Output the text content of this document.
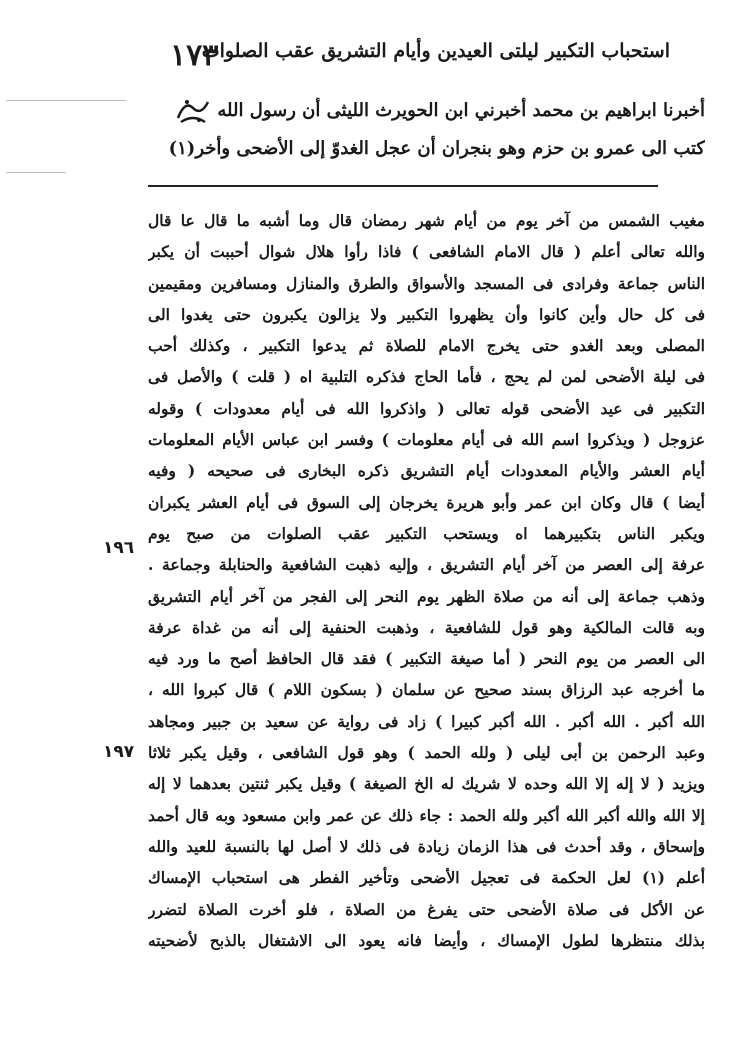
١٧٣
استحباب التكبير ليلتى العيدين وأيام التشريق عقب الصلوات
أخبرنا ابراهيم بن محمد أخبرني ابن الحويرث الليثى أن رسول الله
كتب الى عمرو بن حزم وهو بنجران أن عجل الغدوّ إلى الأضحى وأخر(١)
مغيب الشمس من آخر يوم من أيام شهر رمضان قال وما أشبه ما قال عا قال
والله تعالى أعلم ( قال الامام الشافعى ) فاذا رأوا هلال شوال أحببت أن يكبر
الناس جماعة وفرادى فى المسجد والأسواق والطرق والمنازل ومسافرين ومقيمين
فى كل حال وأين كانوا وأن يظهروا التكبير ولا يزالون يكبرون حتى يغدوا الى
المصلى وبعد الغدو حتى يخرج الامام للصلاة ثم يدعوا التكبير ، وكذلك أحب
فى ليلة الأضحى لمن لم يحج ، فأما الحاج فذكره التلبية اه ( قلت ) والأصل فى
التكبير فى عيد الأضحى قوله تعالى ( واذكروا الله فى أيام معدودات ) وقوله
عزوجل ( ويذكروا اسم الله فى أيام معلومات ) وفسر ابن عباس الأيام المعلومات
أيام العشر والأيام المعدودات أيام التشريق ذكره البخارى فى صحيحه ( وفيه
أيضا ) قال وكان ابن عمر وأبو هريرة يخرجان إلى السوق فى أيام العشر يكبران
ويكبر الناس بتكبيرهما اه ويستحب التكبير عقب الصلوات من صبح يوم
عرفة إلى العصر من آخر أيام التشريق ، وإليه ذهبت الشافعية والحنابلة وجماعة .
وذهب جماعة إلى أنه من صلاة الظهر يوم النحر إلى الفجر من آخر أيام التشريق
وبه قالت المالكية وهو قول للشافعية ، وذهبت الحنفية إلى أنه من غداة عرفة
الى العصر من يوم النحر ( أما صيغة التكبير ) فقد قال الحافظ أصح ما ورد فيه
ما أخرجه عبد الرزاق بسند صحيح عن سلمان ( بسكون اللام ) قال كبروا الله ،
الله أكبر . الله أكبر . الله أكبر كبيرا ) زاد فى رواية عن سعيد بن جبير ومجاهد
وعبد الرحمن بن أبى ليلى ( ولله الحمد ) وهو قول الشافعى ، وقيل يكبر ثلاثا
ويزيد ( لا إله إلا الله وحده لا شريك له الخ الصيغة ) وقيل يكبر ثنتين بعدهما لا إله
إلا الله والله أكبر الله أكبر ولله الحمد : جاء ذلك عن عمر وابن مسعود وبه قال أحمد
وإسحاق ، وقد أحدث فى هذا الزمان زيادة فى ذلك لا أصل لها بالنسبة للعيد والله
أعلم (١) لعل الحكمة فى تعجيل الأضحى وتأخير الفطر هى استحباب الإمساك
عن الأكل فى صلاة الأضحى حتى يفرغ من الصلاة ، فلو أخرت الصلاة لتضرر
بذلك منتظرها لطول الإمساك ، وأيضا فانه يعود الى الاشتغال بالذبح لأضحيته
١٩٦
١٩٧
